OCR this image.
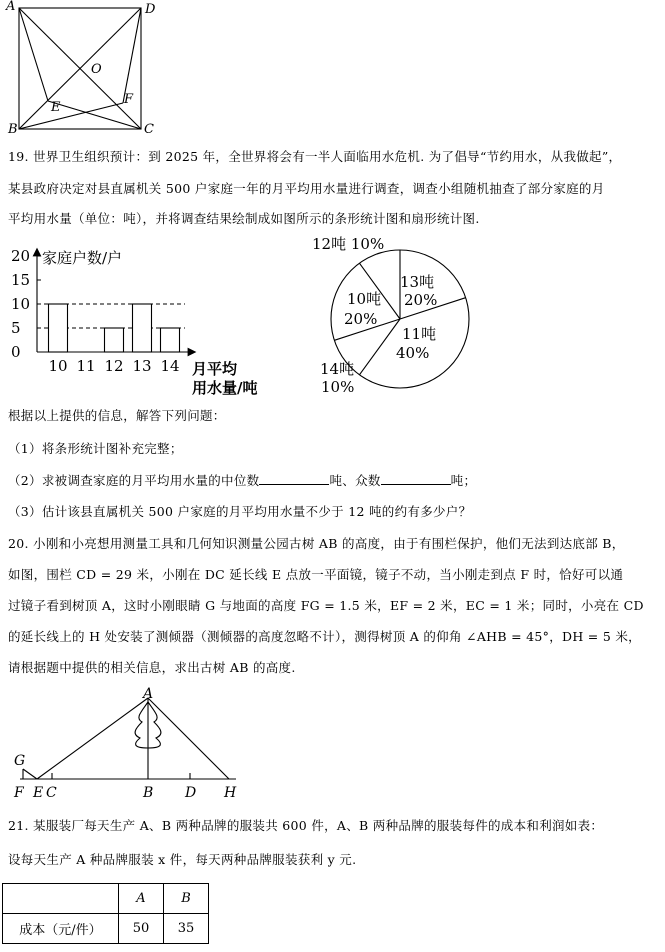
A	D
O
E
F
B	C
19. 世界卫生组织预计：到 2025 年，全世界将会有一半人面临用水危机. 为了倡导“节约用水，从我做起”，
某县政府决定对县直属机关 500 户家庭一年的月平均用水量进行调查，调查小组随机抽查了部分家庭的月
平均用水量（单位：吨），并将调查结果绘制成如图所示的条形统计图和扇形统计图.
20
15
10
5
0
10 11 12 13 14
家庭户数/户
月平均
用水量/吨
12吨 10%
13吨
20%
10吨
20%
11吨
40%
14吨
10%
根据以上提供的信息，解答下列问题：
（1）将条形统计图补充完整；
（2）求被调查家庭的月平均用水量的中位数	吨、众数	吨；
（3）估计该县直属机关 500 户家庭的月平均用水量不少于 12 吨的约有多少户？
20. 小刚和小亮想用测量工具和几何知识测量公园古树 AB 的高度，由于有围栏保护，他们无法到达底部 B，
如图，围栏 CD = 29 米，小刚在 DC 延长线 E 点放一平面镜，镜子不动，当小刚走到点 F 时，恰好可以通
过镜子看到树顶 A，这时小刚眼睛 G 与地面的高度 FG = 1.5 米，EF = 2 米，EC = 1 米；同时，小亮在 CD
的延长线上的 H 处安装了测倾器（测倾器的高度忽略不计），测得树顶 A 的仰角 ∠AHB = 45°，DH = 5 米，
请根据题中提供的相关信息，求出古树 AB 的高度.
A
G
F E C	B D H
21. 某服装厂每天生产 A、B 两种品牌的服装共 600 件，A、B 两种品牌的服装每件的成本和利润如表：
设每天生产 A 种品牌服装 x 件，每天两种品牌服装获利 y 元.
	A	B
成本（元/件）	50	35
